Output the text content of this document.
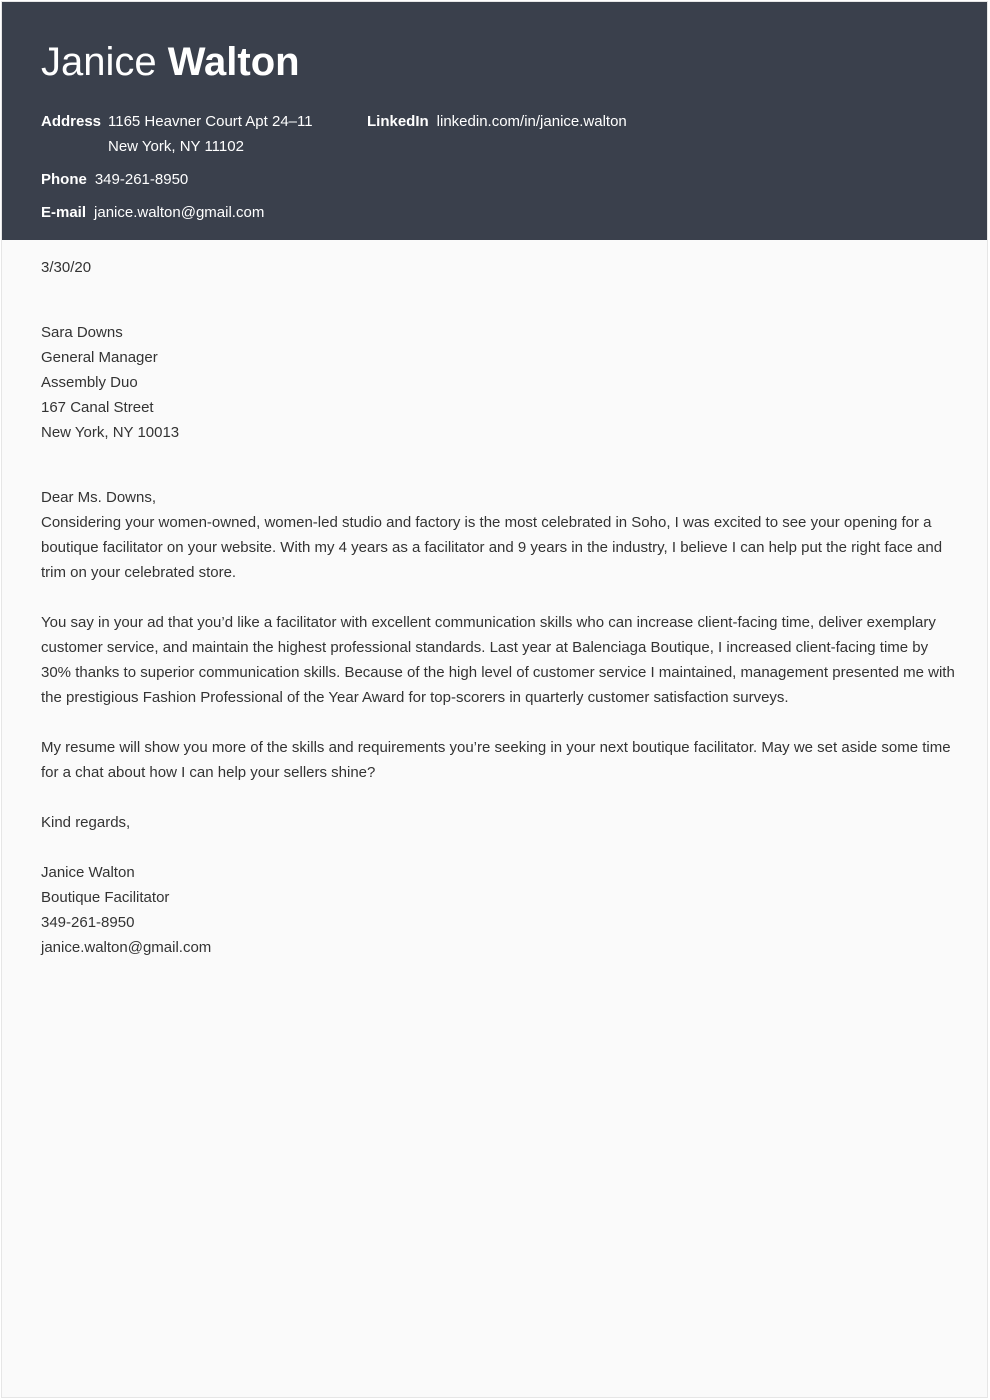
Janice Walton
Address 1165 Heavner Court Apt 24–11
New York, NY 11102
LinkedIn linkedin.com/in/janice.walton
Phone 349-261-8950
E-mail janice.walton@gmail.com

3/30/20

Sara Downs
General Manager
Assembly Duo
167 Canal Street
New York, NY 10013

Dear Ms. Downs,

Considering your women-owned, women-led studio and factory is the most celebrated in Soho, I was excited to see your opening for a boutique facilitator on your website. With my 4 years as a facilitator and 9 years in the industry, I believe I can help put the right face and trim on your celebrated store.

You say in your ad that you’d like a facilitator with excellent communication skills who can increase client-facing time, deliver exemplary customer service, and maintain the highest professional standards. Last year at Balenciaga Boutique, I increased client-facing time by 30% thanks to superior communication skills. Because of the high level of customer service I maintained, management presented me with the prestigious Fashion Professional of the Year Award for top-scorers in quarterly customer satisfaction surveys.

My resume will show you more of the skills and requirements you’re seeking in your next boutique facilitator. May we set aside some time for a chat about how I can help your sellers shine?

Kind regards,

Janice Walton
Boutique Facilitator
349-261-8950
janice.walton@gmail.com
